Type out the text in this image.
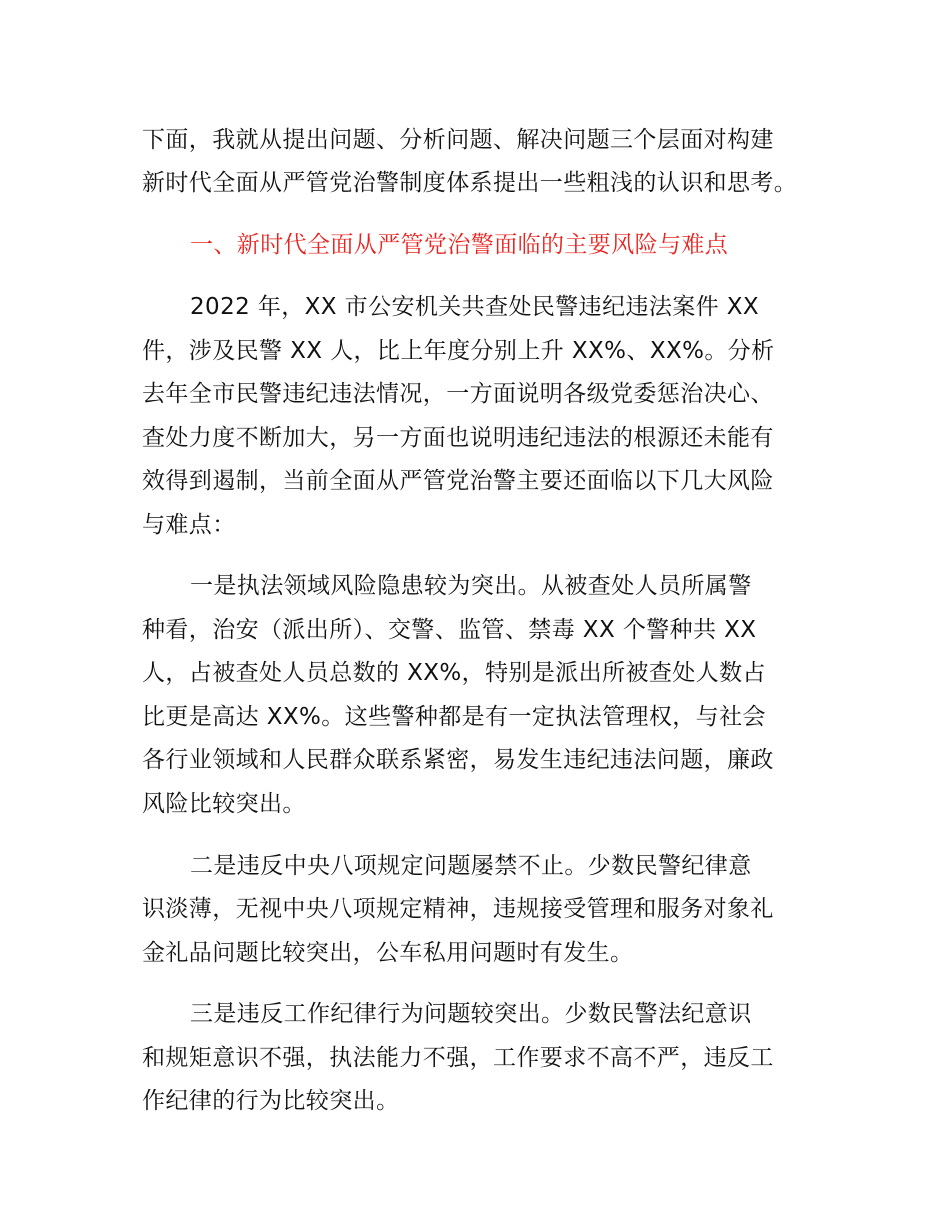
下面，我就从提出问题、分析问题、解决问题三个层面对构建
新时代全面从严管党治警制度体系提出一些粗浅的认识和思考。
一、新时代全面从严管党治警面临的主要风险与难点
2022 年，XX 市公安机关共查处民警违纪违法案件 XX
件，涉及民警 XX 人，比上年度分别上升 XX%、XX%。分析
去年全市民警违纪违法情况，一方面说明各级党委惩治决心、
查处力度不断加大，另一方面也说明违纪违法的根源还未能有
效得到遏制，当前全面从严管党治警主要还面临以下几大风险
与难点：
一是执法领域风险隐患较为突出。从被查处人员所属警
种看，治安（派出所）、交警、监管、禁毒 XX 个警种共 XX
人，占被查处人员总数的 XX%，特别是派出所被查处人数占
比更是高达 XX%。这些警种都是有一定执法管理权，与社会
各行业领域和人民群众联系紧密，易发生违纪违法问题，廉政
风险比较突出。
二是违反中央八项规定问题屡禁不止。少数民警纪律意
识淡薄，无视中央八项规定精神，违规接受管理和服务对象礼
金礼品问题比较突出，公车私用问题时有发生。
三是违反工作纪律行为问题较突出。少数民警法纪意识
和规矩意识不强，执法能力不强，工作要求不高不严，违反工
作纪律的行为比较突出。
